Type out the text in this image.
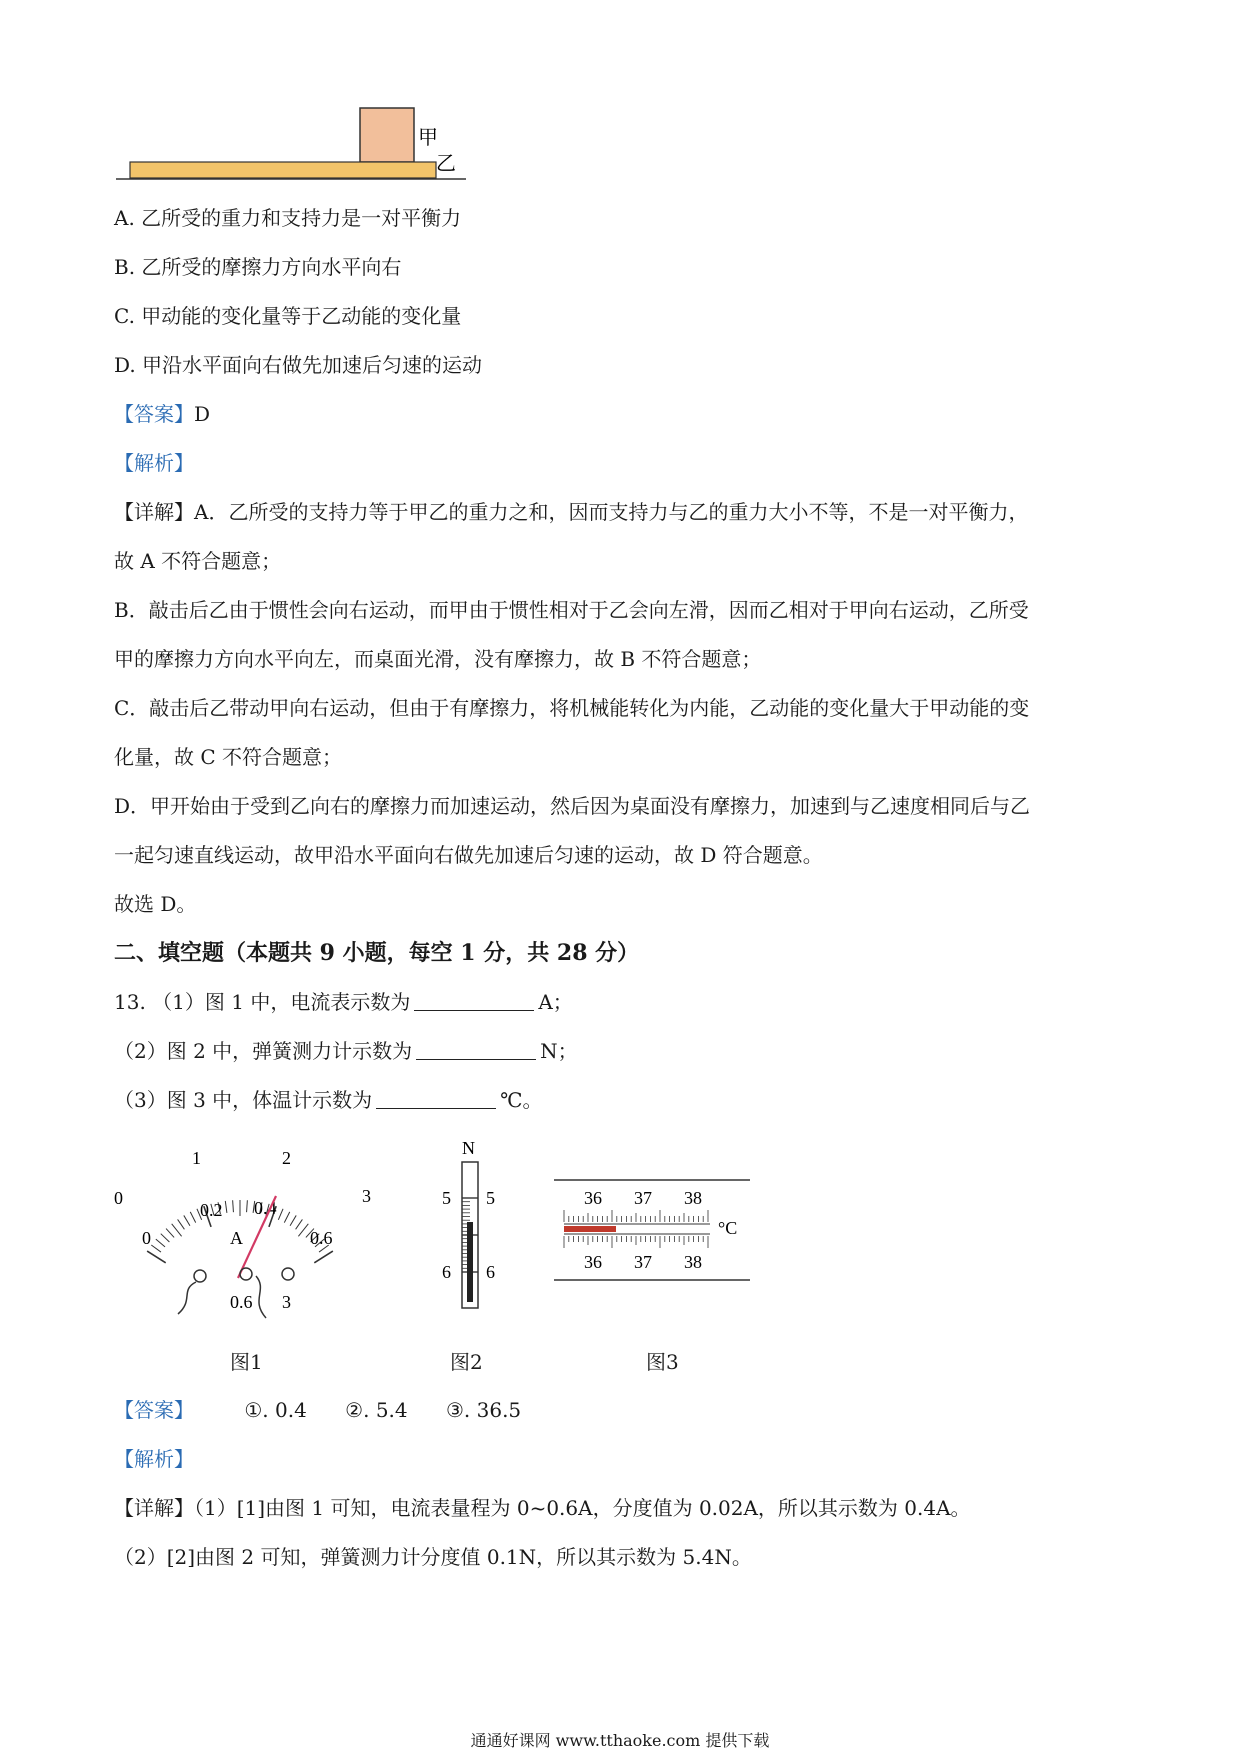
甲
乙
A. 乙所受的重力和支持力是一对平衡力
B. 乙所受的摩擦力方向水平向右
C. 甲动能的变化量等于乙动能的变化量
D. 甲沿水平面向右做先加速后匀速的运动
【答案】D
【解析】
【详解】A．乙所受的支持力等于甲乙的重力之和，因而支持力与乙的重力大小不等，不是一对平衡力，
故 A 不符合题意；
B．敲击后乙由于惯性会向右运动，而甲由于惯性相对于乙会向左滑，因而乙相对于甲向右运动，乙所受
甲的摩擦力方向水平向左，而桌面光滑，没有摩擦力，故 B 不符合题意；
C．敲击后乙带动甲向右运动，但由于有摩擦力，将机械能转化为内能，乙动能的变化量大于甲动能的变
化量，故 C 不符合题意；
D．甲开始由于受到乙向右的摩擦力而加速运动，然后因为桌面没有摩擦力，加速到与乙速度相同后与乙
一起匀速直线运动，故甲沿水平面向右做先加速后匀速的运动，故 D 符合题意。
故选 D。
二、填空题（本题共 9 小题，每空 1 分，共 28 分）
13. （1）图 1 中，电流表示数为	A；
（2）图 2 中，弹簧测力计示数为	N；
（3）图 3 中，体温计示数为	℃。
0
1	2
3
0
0.2 0.4
0.6
A
0.6 3
N
5
6
5
6
36 37 38
°C
36 37 38
图1	图2	图3
【答案】	①. 0.4 ②. 5.4 ③. 36.5
【解析】
【详解】（1）[1]由图 1 可知，电流表量程为 0~0.6A，分度值为 0.02A，所以其示数为 0.4A。
（2）[2]由图 2 可知，弹簧测力计分度值 0.1N，所以其示数为 5.4N。
通通好课网 www.tthaoke.com 提供下载
